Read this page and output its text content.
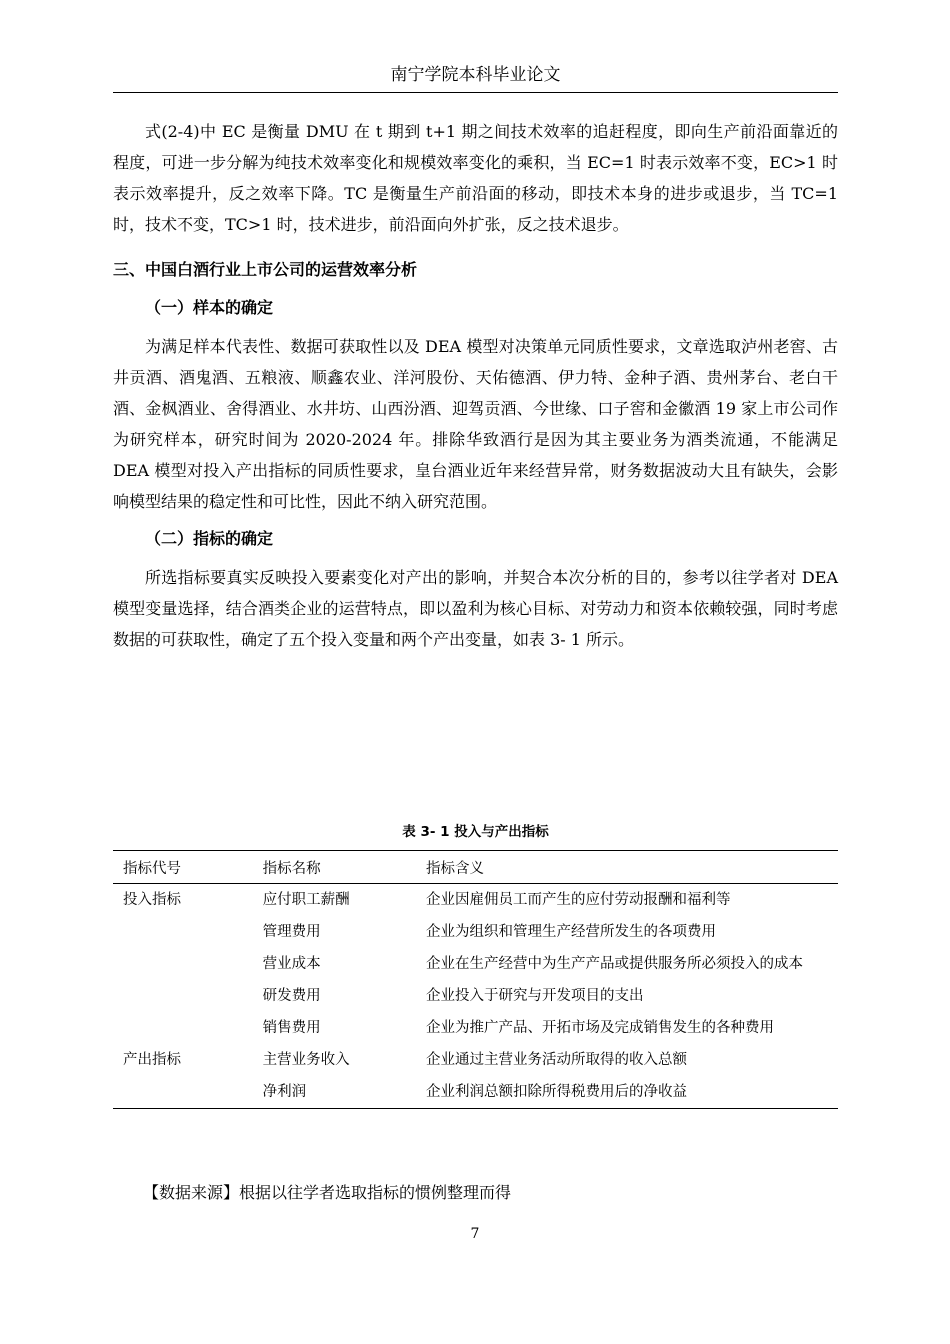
南宁学院本科毕业论文

式(2-4)中 EC 是衡量 DMU 在 t 期到 t+1 期之间技术效率的追赶程度，即向生产前沿面靠近的程度，可进一步分解为纯技术效率变化和规模效率变化的乘积，当 EC=1 时表示效率不变，EC>1 时表示效率提升，反之效率下降。TC 是衡量生产前沿面的移动，即技术本身的进步或退步，当 TC=1 时，技术不变，TC>1 时，技术进步，前沿面向外扩张，反之技术退步。

三、中国白酒行业上市公司的运营效率分析
（一）样本的确定

为满足样本代表性、数据可获取性以及 DEA 模型对决策单元同质性要求，文章选取泸州老窖、古井贡酒、酒鬼酒、五粮液、顺鑫农业、洋河股份、天佑德酒、伊力特、金种子酒、贵州茅台、老白干酒、金枫酒业、舍得酒业、水井坊、山西汾酒、迎驾贡酒、今世缘、口子窖和金徽酒 19 家上市公司作为研究样本，研究时间为 2020-2024 年。排除华致酒行是因为其主要业务为酒类流通，不能满足 DEA 模型对投入产出指标的同质性要求，皇台酒业近年来经营异常，财务数据波动大且有缺失，会影响模型结果的稳定性和可比性，因此不纳入研究范围。

（二）指标的确定

所选指标要真实反映投入要素变化对产出的影响，并契合本次分析的目的，参考以往学者对 DEA 模型变量选择，结合酒类企业的运营特点，即以盈利为核心目标、对劳动力和资本依赖较强，同时考虑数据的可获取性，确定了五个投入变量和两个产出变量，如表 3- 1 所示。

表 3- 1 投入与产出指标
指标代号	指标名称	指标含义
投入指标	应付职工薪酬	企业因雇佣员工而产生的应付劳动报酬和福利等
	管理费用	企业为组织和管理生产经营所发生的各项费用
	营业成本	企业在生产经营中为生产产品或提供服务所必须投入的成本
	研发费用	企业投入于研究与开发项目的支出
	销售费用	企业为推广产品、开拓市场及完成销售发生的各种费用
产出指标	主营业务收入	企业通过主营业务活动所取得的收入总额
	净利润	企业利润总额扣除所得税费用后的净收益
【数据来源】根据以往学者选取指标的惯例整理而得
7
